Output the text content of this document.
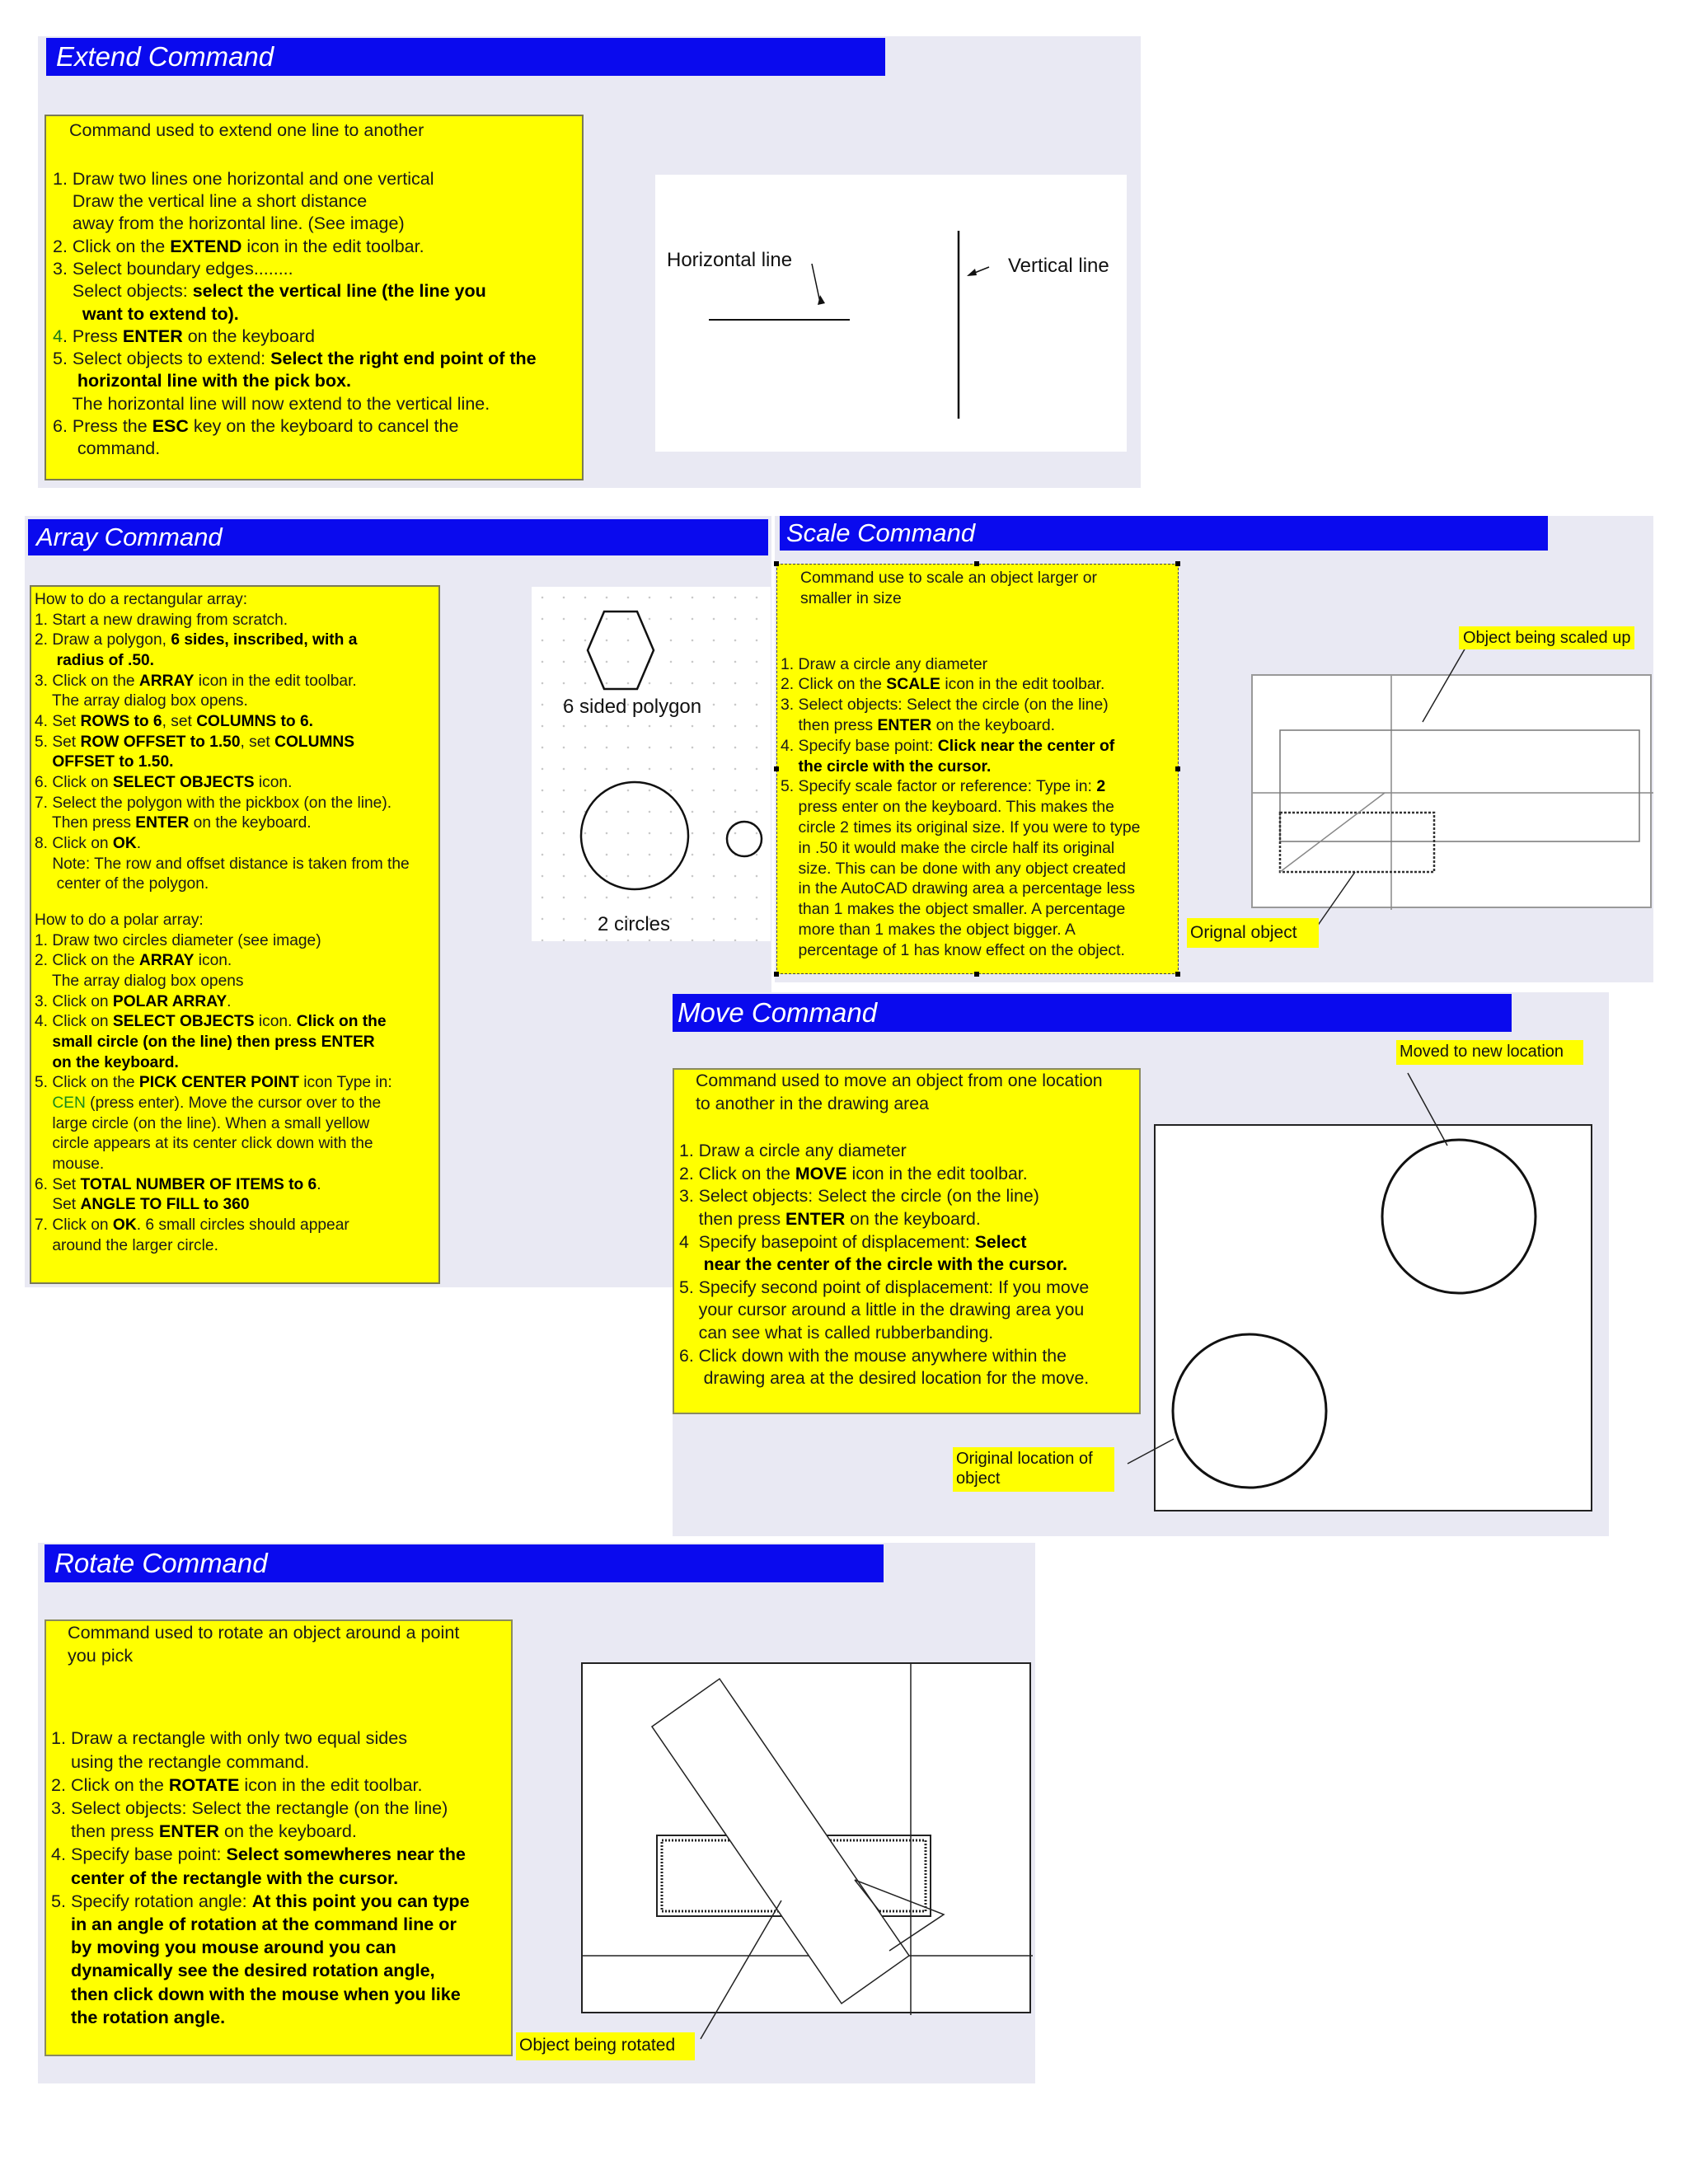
Extend Command
Command used to extend one line to another
1. Draw two lines one horizontal and one vertical
Draw the vertical line a short distance
away from the horizontal line. (See image)
2. Click on the EXTEND icon in the edit toolbar.
3. Select boundary edges........
Select objects: select the vertical line (the line you
want to extend to).
4. Press ENTER on the keyboard
5. Select objects to extend: Select the right end point of the
horizontal line with the pick box.
The horizontal line will now extend to the vertical line.
6. Press the ESC key on the keyboard to cancel the
command.
Horizontal line	Vertical line
Array Command
How to do a rectangular array:
1. Start a new drawing from scratch.
2. Draw a polygon, 6 sides, inscribed, with a
radius of .50.
3. Click on the ARRAY icon in the edit toolbar.
The array dialog box opens.
4. Set ROWS to 6, set COLUMNS to 6.
5. Set ROW OFFSET to 1.50, set COLUMNS
OFFSET to 1.50.
6. Click on SELECT OBJECTS icon.
7. Select the polygon with the pickbox (on the line).
Then press ENTER on the keyboard.
8. Click on OK.
Note: The row and offset distance is taken from the
center of the polygon.
How to do a polar array:
1. Draw two circles diameter (see image)
2. Click on the ARRAY icon.
The array dialog box opens
3. Click on POLAR ARRAY.
4. Click on SELECT OBJECTS icon. Click on the
small circle (on the line) then press ENTER
on the keyboard.
5. Click on the PICK CENTER POINT icon Type in:
CEN (press enter). Move the cursor over to the
large circle (on the line). When a small yellow
circle appears at its center click down with the
mouse.
6. Set TOTAL NUMBER OF ITEMS to 6.
Set ANGLE TO FILL to 360
7. Click on OK. 6 small circles should appear
around the larger circle.
6 sided polygon
2 circles
Scale Command
Command use to scale an object larger or
smaller in size
1. Draw a circle any diameter
2. Click on the SCALE icon in the edit toolbar.
3. Select objects: Select the circle (on the line)
then press ENTER on the keyboard.
4. Specify base point: Click near the center of
the circle with the cursor.
5. Specify scale factor or reference: Type in: 2
press enter on the keyboard. This makes the
circle 2 times its original size. If you were to type
in .50 it would make the circle half its original
size. This can be done with any object created
in the AutoCAD drawing area a percentage less
than 1 makes the object smaller. A percentage
more than 1 makes the object bigger. A
percentage of 1 has know effect on the object.
Object being scaled up
Orignal object
Move Command
Command used to move an object from one location
to another in the drawing area
1. Draw a circle any diameter
2. Click on the MOVE icon in the edit toolbar.
3. Select objects: Select the circle (on the line)
then press ENTER on the keyboard.
4  Specify basepoint of displacement: Select
near the center of the circle with the cursor.
5. Specify second point of displacement: If you move
your cursor around a little in the drawing area you
can see what is called rubberbanding.
6. Click down with the mouse anywhere within the
drawing area at the desired location for the move.
Moved to new location
Original location of
object
Rotate Command
Command used to rotate an object around a point
you pick
1. Draw a rectangle with only two equal sides
using the rectangle command.
2. Click on the ROTATE icon in the edit toolbar.
3. Select objects: Select the rectangle (on the line)
then press ENTER on the keyboard.
4. Specify base point: Select somewheres near the
center of the rectangle with the cursor.
5. Specify rotation angle: At this point you can type
in an angle of rotation at the command line or
by moving you mouse around you can
dynamically see the desired rotation angle,
then click down with the mouse when you like
the rotation angle.
Object being rotated
